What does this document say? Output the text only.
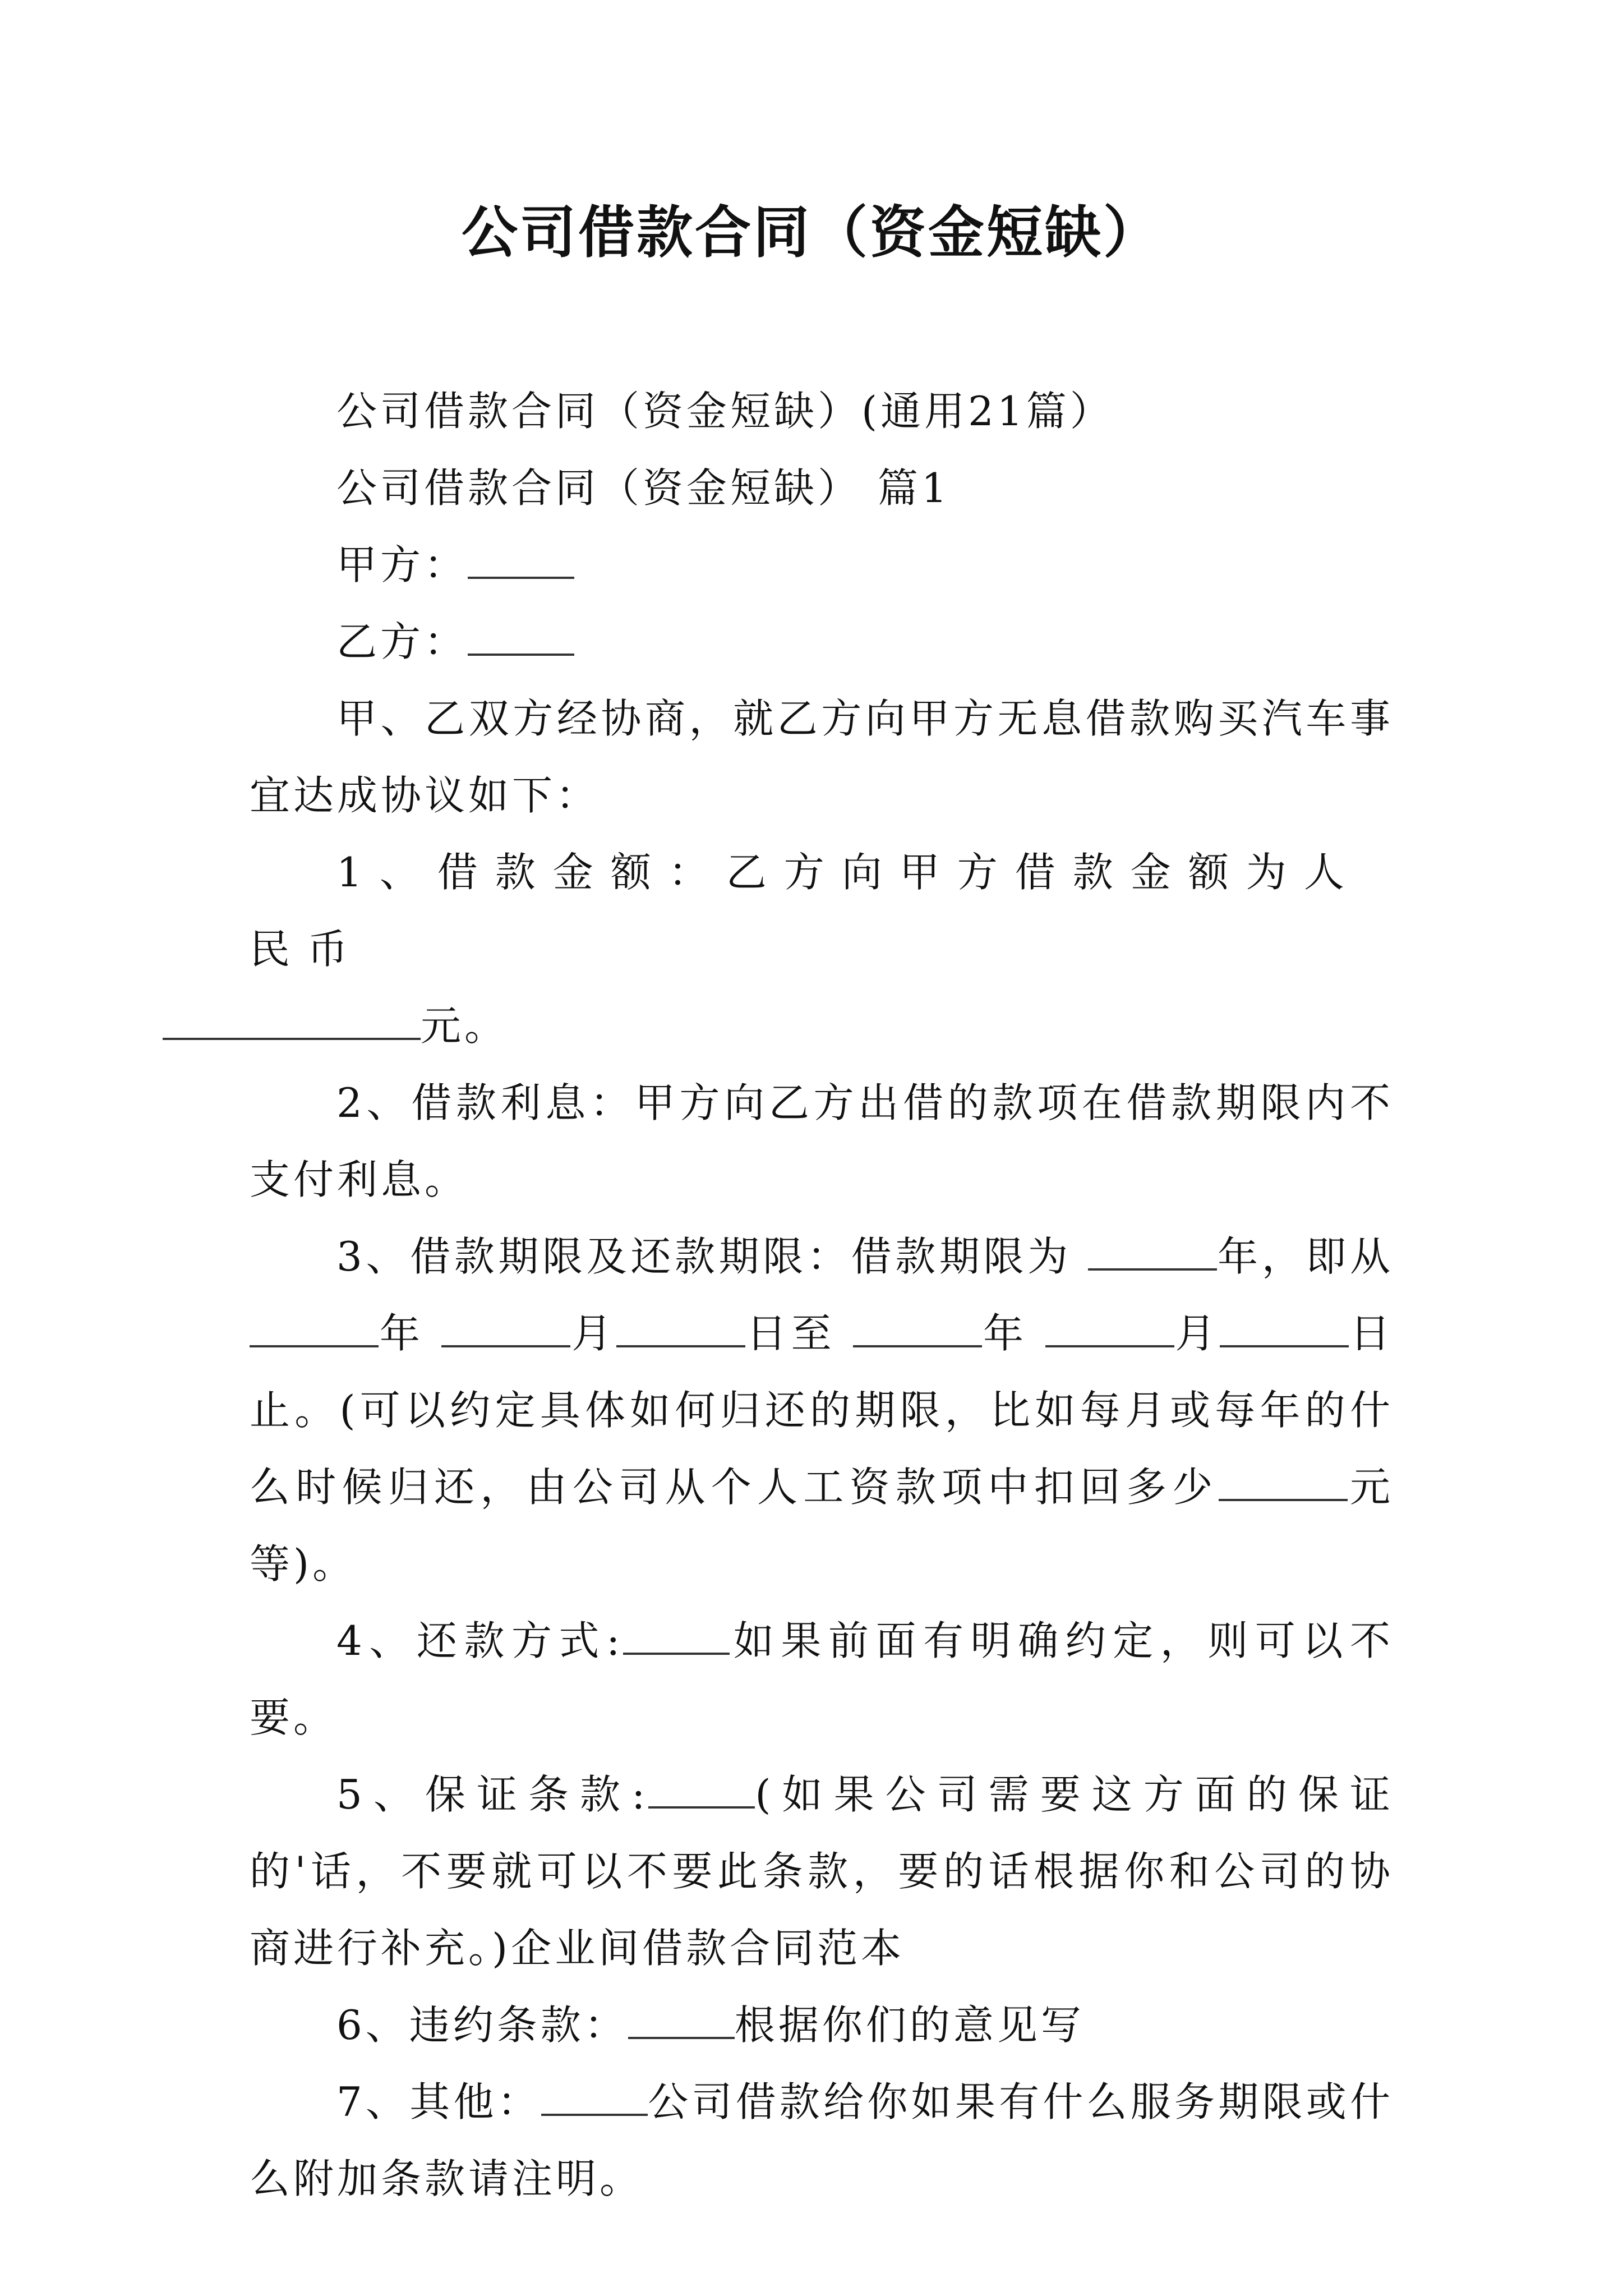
公司借款合同（资金短缺）

公司借款合同（资金短缺）(通用21篇）

公司借款合同（资金短缺） 篇1

甲方：

乙方：

甲、乙双方经协商，就乙方向甲方无息借款购买汽车事宜达成协议如下：

1、借款金额：乙方向甲方借款金额为人民币
元。

2、借款利息：甲方向乙方出借的款项在借款期限内不支付利息。

3、借款期限及还款期限：借款期限为	年，即从 年	月	日至	年	月	日止。(可以约定具体如何归还的期限，比如每月或每年的什么时候归还，由公司从个人工资款项中扣回多少	元等)。

4、还款方式:	如果前面有明确约定，则可以不要。

5、保证条款:	(如果公司需要这方面的保证的'话，不要就可以不要此条款，要的话根据你和公司的协商进行补充。)企业间借款合同范本

6、违约条款：	根据你们的意见写

7、其他：	公司借款给你如果有什么服务期限或什么附加条款请注明。
